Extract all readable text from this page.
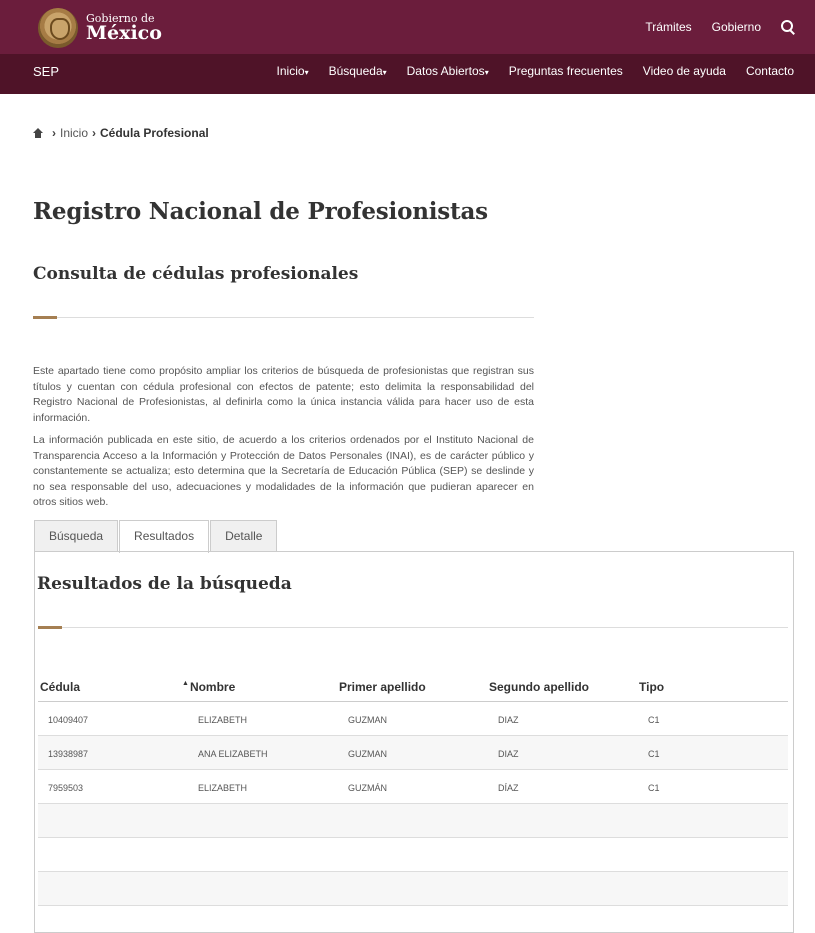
Gobierno de
México	Trámites Gobierno
SEP	Inicio▾ Búsqueda▾ Datos Abiertos▾ Preguntas frecuentes Video de ayuda Contacto
› Inicio › Cédula Profesional
Registro Nacional de Profesionistas
Consulta de cédulas profesionales

Este apartado tiene como propósito ampliar los criterios de búsqueda de profesionistas que registran sus títulos y cuentan con cédula profesional con efectos de patente; esto delimita la responsabilidad del Registro Nacional de Profesionistas, al definirla como la única instancia válida para hacer uso de esta información.

La información publicada en este sitio, de acuerdo a los criterios ordenados por el Instituto Nacional de Transparencia Acceso a la Información y Protección de Datos Personales (INAI), es de carácter público y constantemente se actualiza; esto determina que la Secretaría de Educación Pública (SEP) se deslinde y no sea responsable del uso, adecuaciones y modalidades de la información que pudieran aparecer en otros sitios web.

Búsqueda	Resultados	Detalle
Resultados de la búsqueda
Cédula	▲Nombre	Primer apellido	Segundo apellido	Tipo
10409407	ELIZABETH	GUZMAN	DIAZ	C1
13938987	ANA ELIZABETH	GUZMAN	DIAZ	C1
7959503	ELIZABETH	GUZMÁN	DÍAZ	C1
